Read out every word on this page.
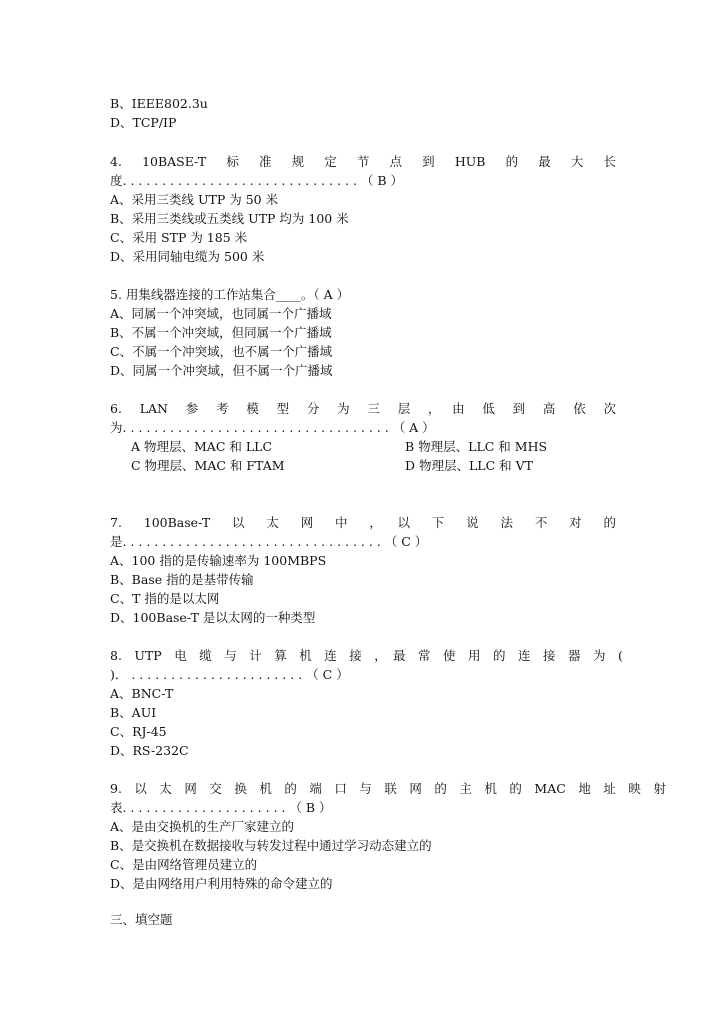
B、IEEE802.3u
D、TCP/IP
4.　10BASE-T　标　准　规　定　节　点　到　HUB　的　最　大　长
度. . . . . . . . . . . . . . . . . . . . . . . . . . . . . . （ B ）
A、采用三类线 UTP 为 50 米
B、采用三类线或五类线 UTP 均为 100 米
C、采用 STP 为 185 米
D、采用同轴电缆为 500 米
5. 用集线器连接的工作站集合____。（ A ）
A、同属一个冲突域，也同属一个广播域
B、不属一个冲突域，但同属一个广播域
C、不属一个冲突域，也不属一个广播域
D、同属一个冲突域，但不属一个广播域
6.　LAN　参　考　模　型　分　为　三　层　，　由　低　到　高　依　次
为. . . . . . . . . . . . . . . . . . . . . . . . . . . . . . . . . . （ A ）
A 物理层、MAC 和 LLC	B 物理层、LLC 和 MHS
C 物理层、MAC 和 FTAM	D 物理层、LLC 和 VT
7.　100Base-T　以　太　网　中　，　以　下　说　法　不　对　的
是. . . . . . . . . . . . . . . . . . . . . . . . . . . . . . . . . （ C ）
A、100 指的是传输速率为 100MBPS
B、Base 指的是基带传输
C、T 指的是以太网
D、100Base-T 是以太网的一种类型
8.　UTP　电　缆　与　计　算　机　连　接　，　最　常　使　用　的　连　接　器　为　(
)． . . . . . . . . . . . . . . . . . . . . . . （ C ）
A、BNC-T
B、AUI
C、RJ-45
D、RS-232C
9.　以　太　网　交　换　机　的　端　口　与　联　网　的　主　机　的　MAC　地　址　映　射
表. . . . . . . . . . . . . . . . . . . . . （ B ）
A、是由交换机的生产厂家建立的
B、是交换机在数据接收与转发过程中通过学习动态建立的
C、是由网络管理员建立的
D、是由网络用户利用特殊的命令建立的
三、填空题
